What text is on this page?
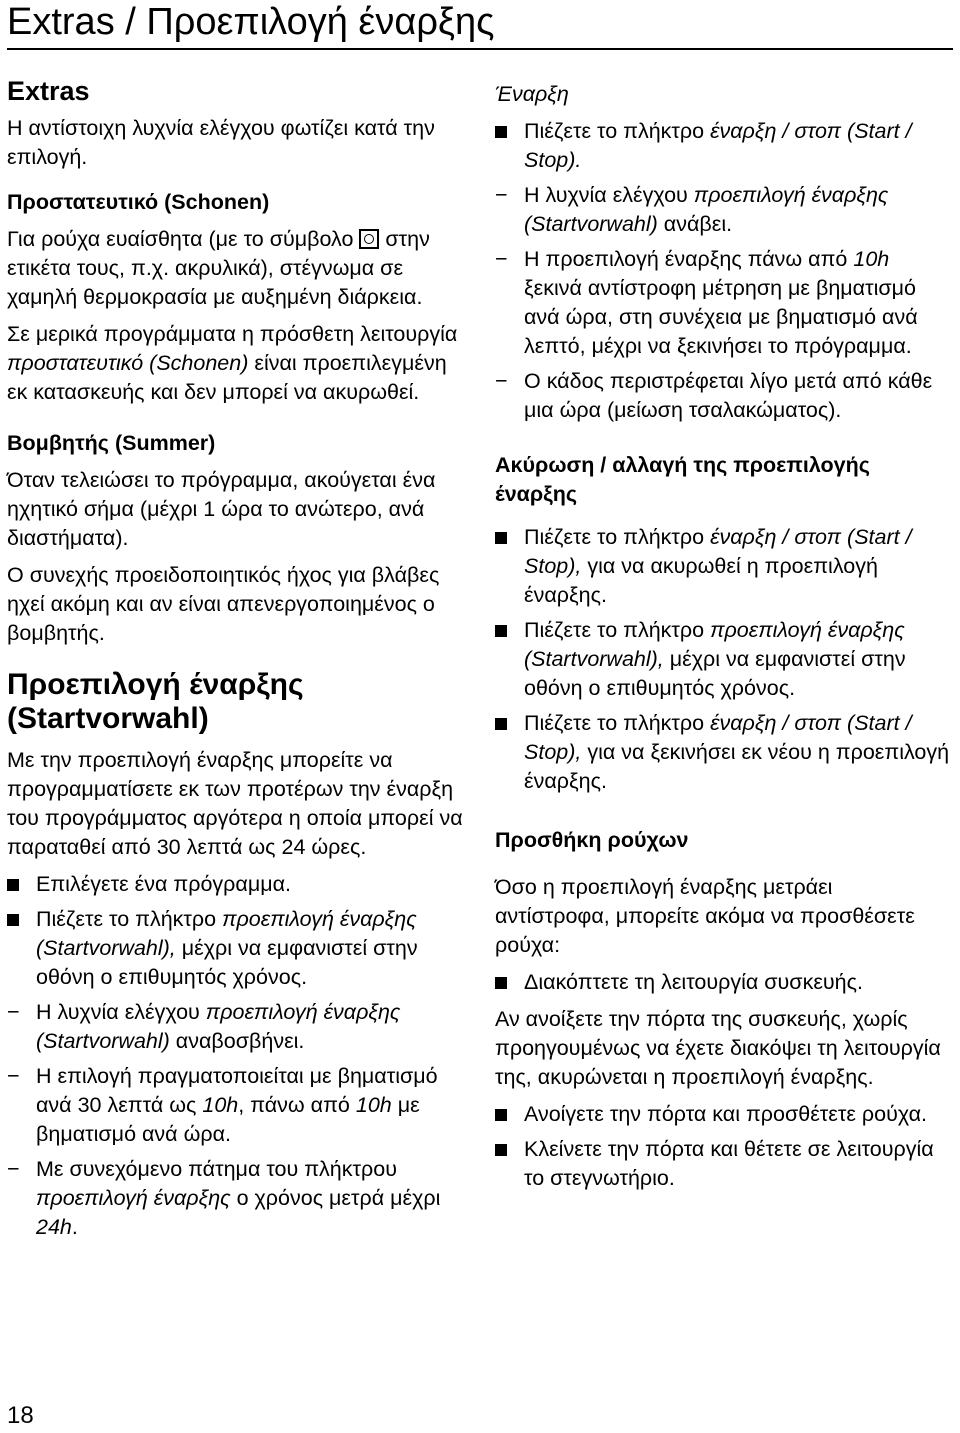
Extras / Προεπιλογή έναρξης
Extras

Η αντίστοιχη λυχνία ελέγχου φωτίζει κατά την επιλογή.

Προστατευτικό (Schonen)

Για ρούχα ευαίσθητα (με το σύμβολο στην ετικέτα τους, π.χ. ακρυλικά), στέγνωμα σε χαμηλή θερμοκρασία με αυξημένη διάρκεια.

Σε μερικά προγράμματα η πρόσθετη λειτουργία προστατευτικό (Schonen) είναι προεπιλεγμένη εκ κατασκευής και δεν μπορεί να ακυρωθεί.

Βομβητής (Summer)

Όταν τελειώσει το πρόγραμμα, ακούγεται ένα ηχητικό σήμα (μέχρι 1 ώρα το ανώτερο, ανά διαστήματα).

Ο συνεχής προειδοποιητικός ήχος για βλάβες ηχεί ακόμη και αν είναι απενεργοποιημένος ο βομβητής.

Προεπιλογή έναρξης (Startvorwahl)

Με την προεπιλογή έναρξης μπορείτε να προγραμματίσετε εκ των προτέρων την έναρξη του προγράμματος αργότερα η οποία μπορεί να παραταθεί από 30 λεπτά ως 24 ώρες.

Επιλέγετε ένα πρόγραμμα.
Πιέζετε το πλήκτρο προεπιλογή έναρξης (Startvorwahl), μέχρι να εμφανιστεί στην οθόνη ο επιθυμητός χρόνος.
− Η λυχνία ελέγχου προεπιλογή έναρξης (Startvorwahl) αναβοσβήνει.
− Η επιλογή πραγματοποιείται με βηματισμό ανά 30 λεπτά ως 10h, πάνω από 10h με βηματισμό ανά ώρα.
− Με συνεχόμενο πάτημα του πλήκτρου προεπιλογή έναρξης ο χρόνος μετρά μέχρι 24h.
Έναρξη
Πιέζετε το πλήκτρο έναρξη / στοπ (Start / Stop).
− Η λυχνία ελέγχου προεπιλογή έναρξης (Startvorwahl) ανάβει.
− Η προεπιλογή έναρξης πάνω από 10h ξεκινά αντίστροφη μέτρηση με βηματισμό ανά ώρα, στη συνέχεια με βηματισμό ανά λεπτό, μέχρι να ξεκινήσει το πρόγραμμα.
− Ο κάδος περιστρέφεται λίγο μετά από κάθε μια ώρα (μείωση τσαλακώματος).
Ακύρωση / αλλαγή της προεπιλογής έναρξης
Πιέζετε το πλήκτρο έναρξη / στοπ (Start / Stop), για να ακυρωθεί η προεπιλογή έναρξης.
Πιέζετε το πλήκτρο προεπιλογή έναρξης (Startvorwahl), μέχρι να εμφανιστεί στην οθόνη ο επιθυμητός χρόνος.
Πιέζετε το πλήκτρο έναρξη / στοπ (Start / Stop), για να ξεκινήσει εκ νέου η προεπιλογή έναρξης.
Προσθήκη ρούχων

Όσο η προεπιλογή έναρξης μετράει αντίστροφα, μπορείτε ακόμα να προσθέσετε ρούχα:

Διακόπτετε τη λειτουργία συσκευής.

Αν ανοίξετε την πόρτα της συσκευής, χωρίς προηγουμένως να έχετε διακόψει τη λειτουργία της, ακυρώνεται η προεπιλογή έναρξης.

Ανοίγετε την πόρτα και προσθέτετε ρούχα.
Κλείνετε την πόρτα και θέτετε σε λειτουργία το στεγνωτήριο.
18
